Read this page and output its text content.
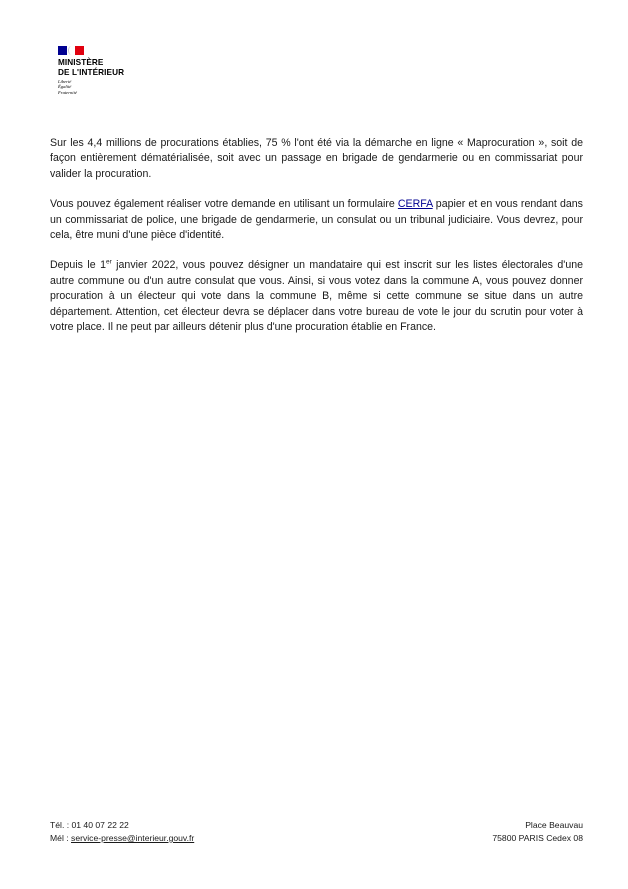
MINISTÈRE
DE L'INTÉRIEUR
Liberté
Égalité
Fraternité

Sur les 4,4 millions de procurations établies, 75 % l'ont été via la démarche en ligne « Maprocuration », soit de façon entièrement dématérialisée, soit avec un passage en brigade de gendarmerie ou en commissariat pour valider la procuration.

Vous pouvez également réaliser votre demande en utilisant un formulaire CERFA papier et en vous rendant dans un commissariat de police, une brigade de gendarmerie, un consulat ou un tribunal judiciaire. Vous devrez, pour cela, être muni d'une pièce d'identité.

Depuis le 1er janvier 2022, vous pouvez désigner un mandataire qui est inscrit sur les listes électorales d'une autre commune ou d'un autre consulat que vous. Ainsi, si vous votez dans la commune A, vous pouvez donner procuration à un électeur qui vote dans la commune B, même si cette commune se situe dans un autre département. Attention, cet électeur devra se déplacer dans votre bureau de vote le jour du scrutin pour voter à votre place. Il ne peut par ailleurs détenir plus d'une procuration établie en France.

Tél. : 01 40 07 22 22
Mél : service-presse@interieur.gouv.fr
Place Beauvau
75800 PARIS Cedex 08
